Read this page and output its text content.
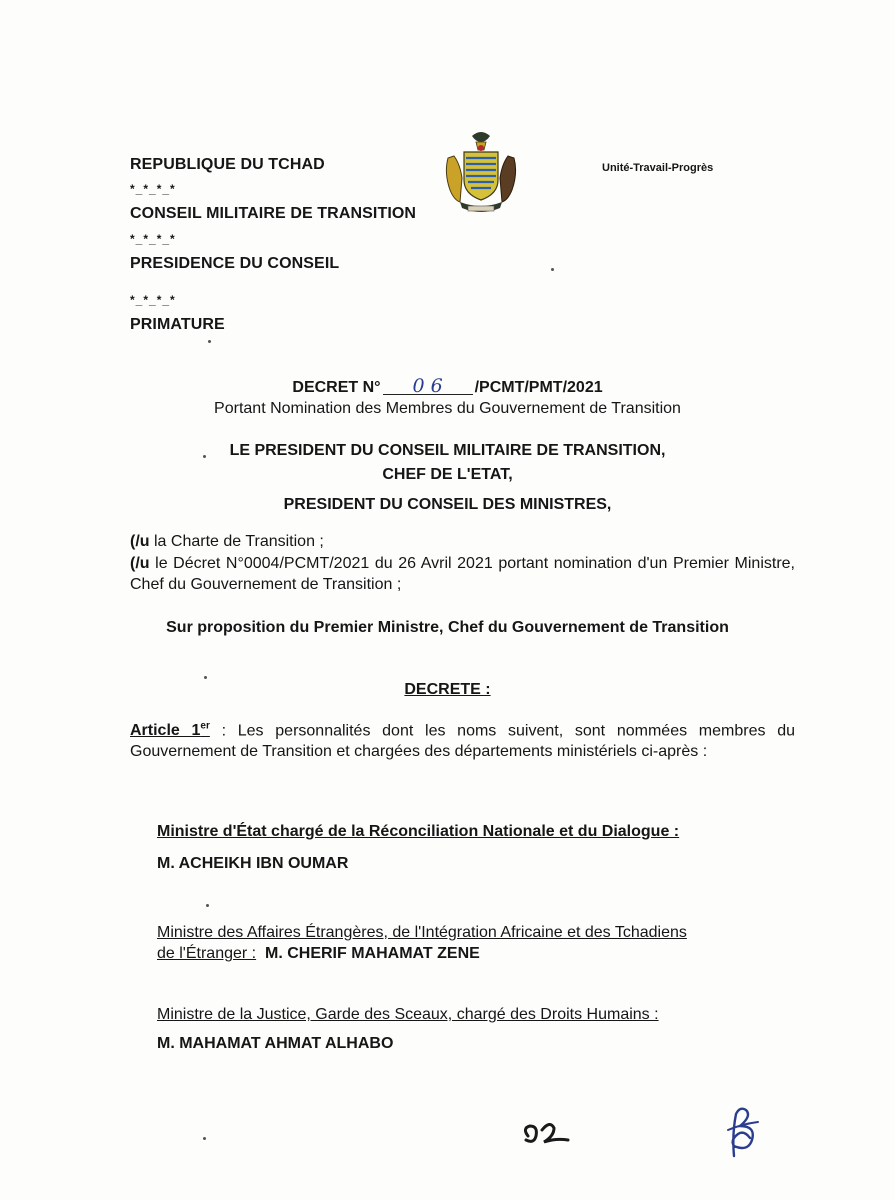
REPUBLIQUE DU TCHAD
*_*_*_*
CONSEIL MILITAIRE DE TRANSITION
*_*_*_*
PRESIDENCE DU CONSEIL
*_*_*_*
PRIMATURE
Unité-Travail-Progrès
DECRET N° 0 6 /PCMT/PMT/2021
Portant Nomination des Membres du Gouvernement de Transition
LE PRESIDENT DU CONSEIL MILITAIRE DE TRANSITION,
CHEF DE L'ETAT,
PRESIDENT DU CONSEIL DES MINISTRES,
(/u la Charte de Transition ;
(/u le Décret N°0004/PCMT/2021 du 26 Avril 2021 portant nomination d'un Premier Ministre, Chef du Gouvernement de Transition ;
Sur proposition du Premier Ministre, Chef du Gouvernement de Transition
DECRETE :
Article 1er : Les personnalités dont les noms suivent, sont nommées membres du Gouvernement de Transition et chargées des départements ministériels ci-après :
Ministre d'État chargé de la Réconciliation Nationale et du Dialogue :
M. ACHEIKH IBN OUMAR
Ministre des Affaires Étrangères, de l'Intégration Africaine et des Tchadiens
de l'Étranger : M. CHERIF MAHAMAT ZENE
Ministre de la Justice, Garde des Sceaux, chargé des Droits Humains :
M. MAHAMAT AHMAT ALHABO
